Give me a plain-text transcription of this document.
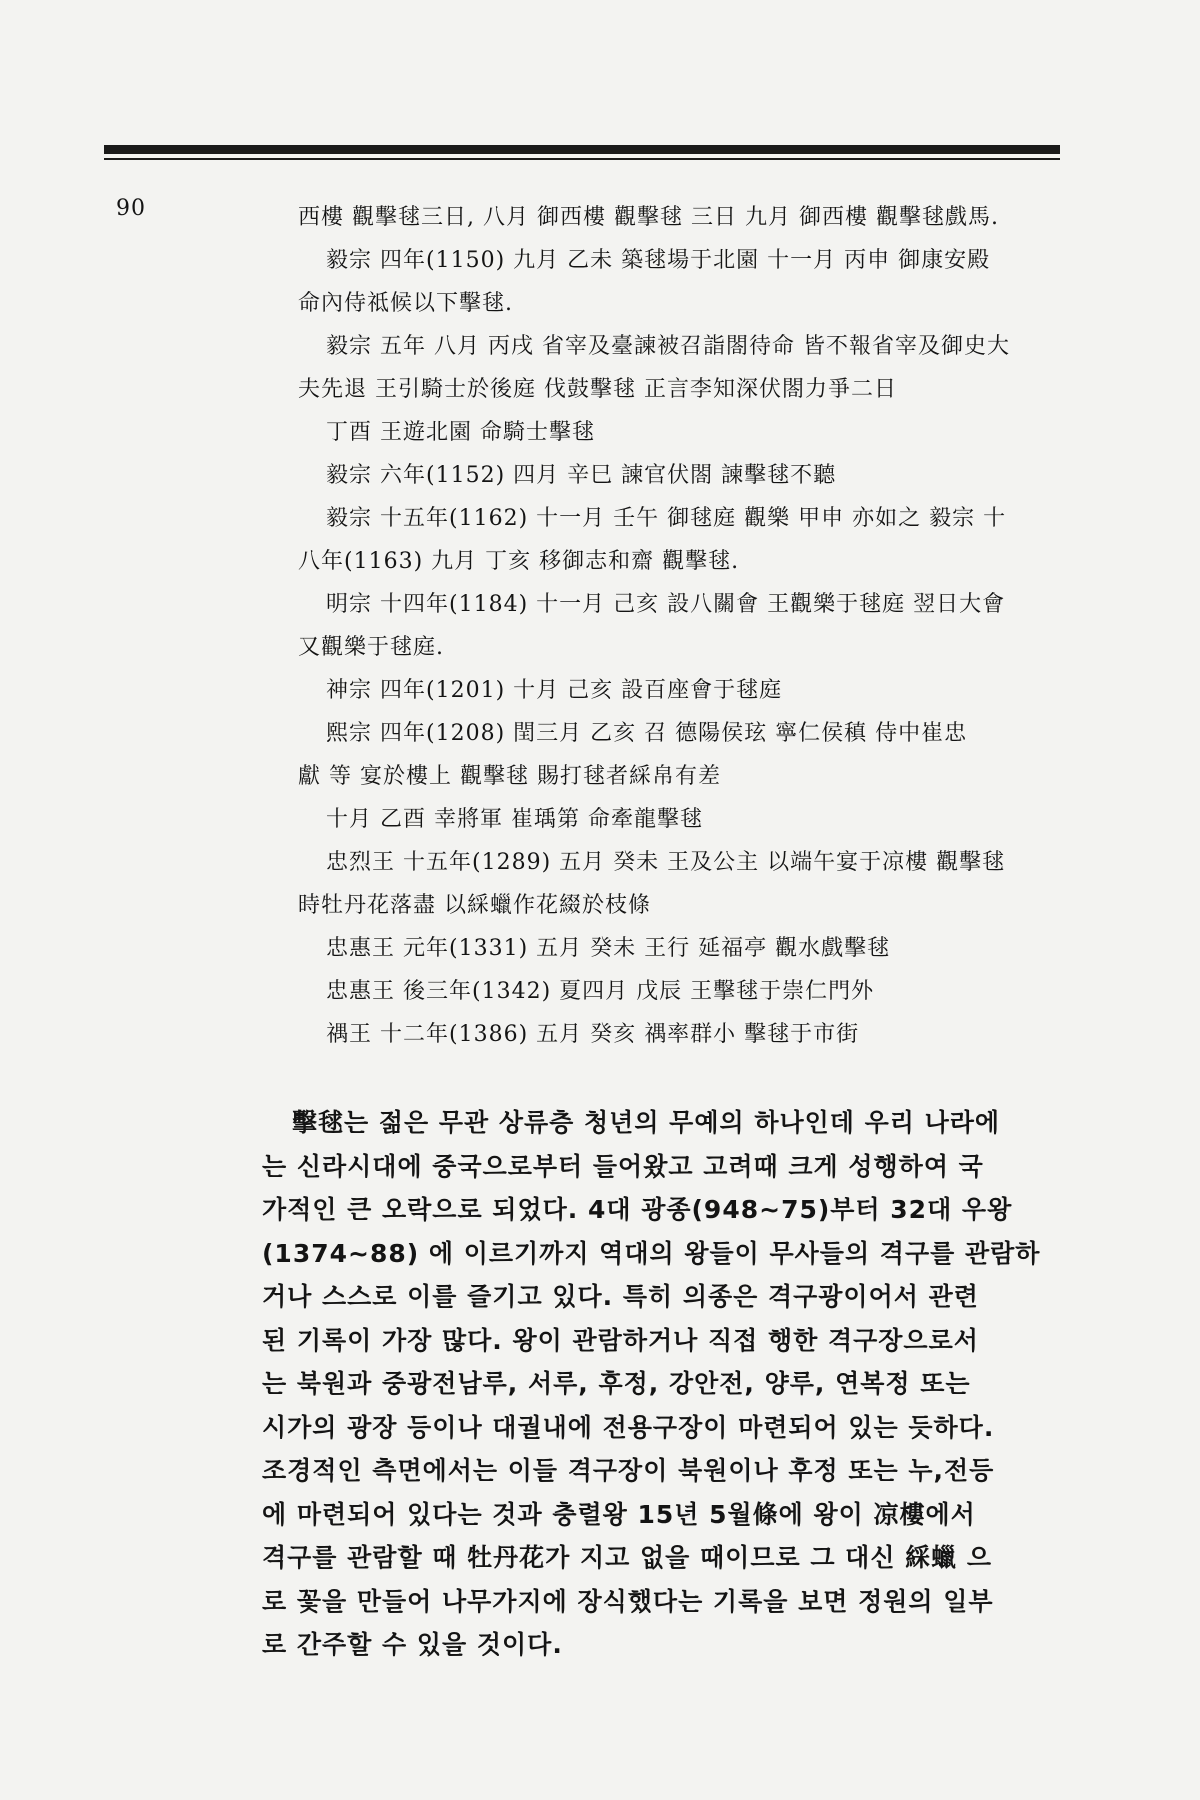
90	西樓 觀擊毬三日, 八月 御西樓 觀擊毬 三日 九月 御西樓 觀擊毬戲馬.

毅宗 四年(1150) 九月 乙未 築毬場于北園 十一月 丙申 御康安殿

命內侍祗候以下擊毬.

毅宗 五年 八月 丙戌 省宰及臺諫被召詣閤待命 皆不報省宰及御史大

夫先退 王引騎士於後庭 伐鼓擊毬 正言李知深伏閤力爭二日

丁酉 王遊北園 命騎士擊毬

毅宗 六年(1152) 四月 辛巳 諫官伏閤 諫擊毬不聽

毅宗 十五年(1162) 十一月 壬午 御毬庭 觀樂 甲申 亦如之 毅宗 十

八年(1163) 九月 丁亥 移御志和齋 觀擊毬.

明宗 十四年(1184) 十一月 己亥 設八關會 王觀樂于毬庭 翌日大會

又觀樂于毬庭.

神宗 四年(1201) 十月 己亥 設百座會于毬庭

熙宗 四年(1208) 閏三月 乙亥 召 德陽侯玹 寧仁侯稹 侍中崔忠

獻 等 宴於樓上 觀擊毬 賜打毬者綵帛有差

十月 乙酉 幸將軍 崔瑀第 命牽龍擊毬

忠烈王 十五年(1289) 五月 癸未 王及公主 以端午宴于凉樓 觀擊毬

時牡丹花落盡 以綵蠟作花綴於枝條

忠惠王 元年(1331) 五月 癸未 王行 延福亭 觀水戲擊毬

忠惠王 後三年(1342) 夏四月 戊辰 王擊毬于崇仁門外

禑王 十二年(1386) 五月 癸亥 禑率群小 擊毬于市街

擊毬는 젊은 무관 상류층 청년의 무예의 하나인데 우리 나라에

는 신라시대에 중국으로부터 들어왔고 고려때 크게 성행하여 국

가적인 큰 오락으로 되었다. 4대 광종(948~75)부터 32대 우왕

(1374~88) 에 이르기까지 역대의 왕들이 무사들의 격구를 관람하

거나 스스로 이를 즐기고 있다. 특히 의종은 격구광이어서 관련

된 기록이 가장 많다. 왕이 관람하거나 직접 행한 격구장으로서

는 북원과 중광전남루, 서루, 후정, 강안전, 양루, 연복정 또는

시가의 광장 등이나 대궐내에 전용구장이 마련되어 있는 듯하다.

조경적인 측면에서는 이들 격구장이 북원이나 후정 또는 누,전등

에 마련되어 있다는 것과 충렬왕 15년 5월條에 왕이 凉樓에서

격구를 관람할 때 牡丹花가 지고 없을 때이므로 그 대신 綵蠟 으

로 꽃을 만들어 나무가지에 장식했다는 기록을 보면 정원의 일부

로 간주할 수 있을 것이다.
